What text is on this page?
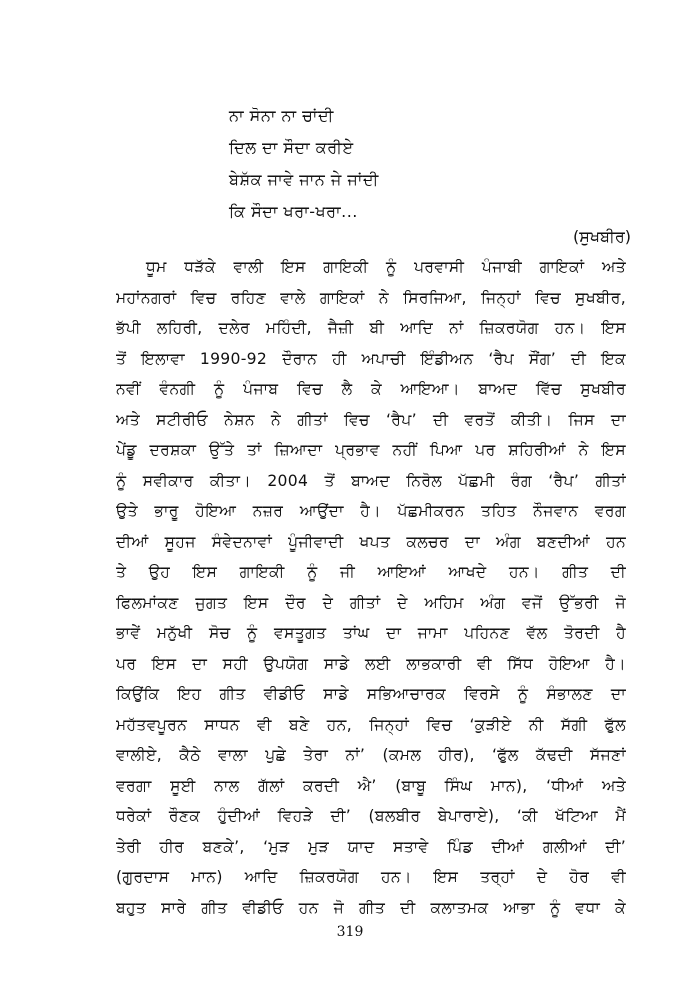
ਨਾ ਸੋਨਾ ਨਾ ਚਾਂਦੀ
ਦਿਲ ਦਾ ਸੌਦਾ ਕਰੀਏ
ਬੇਸ਼ੱਕ ਜਾਵੇ ਜਾਨ ਜੇ ਜਾਂਦੀ
ਕਿ ਸੌਦਾ ਖਰਾ-ਖਰਾ...
(ਸੁਖਬੀਰ)
ਧੂਮ ਧੜੱਕੇ ਵਾਲੀ ਇਸ ਗਾਇਕੀ ਨੂੰ ਪਰਵਾਸੀ ਪੰਜਾਬੀ ਗਾਇਕਾਂ ਅਤੇ
ਮਹਾਂਨਗਰਾਂ ਵਿਚ ਰਹਿਣ ਵਾਲੇ ਗਾਇਕਾਂ ਨੇ ਸਿਰਜਿਆ, ਜਿਨ੍ਹਾਂ ਵਿਚ ਸੁਖਬੀਰ,
ਭੱਪੀ ਲਹਿਰੀ, ਦਲੇਰ ਮਹਿੰਦੀ, ਜੈਜ਼ੀ ਬੀ ਆਦਿ ਨਾਂ ਜ਼ਿਕਰਯੋਗ ਹਨ। ਇਸ
ਤੋਂ ਇਲਾਵਾ 1990-92 ਦੌਰਾਨ ਹੀ ਅਪਾਚੀ ਇੰਡੀਅਨ ‘ਰੈਪ ਸੌਂਗ’ ਦੀ ਇਕ
ਨਵੀਂ ਵੰਨਗੀ ਨੂੰ ਪੰਜਾਬ ਵਿਚ ਲੈ ਕੇ ਆਇਆ। ਬਾਅਦ ਵਿੱਚ ਸੁਖਬੀਰ
ਅਤੇ ਸਟੀਰੀਓ ਨੇਸ਼ਨ ਨੇ ਗੀਤਾਂ ਵਿਚ ‘ਰੈਪ’ ਦੀ ਵਰਤੋਂ ਕੀਤੀ। ਜਿਸ ਦਾ
ਪੇਂਡੂ ਦਰਸ਼ਕਾ ਉੱਤੇ ਤਾਂ ਜ਼ਿਆਦਾ ਪ੍ਰਭਾਵ ਨਹੀਂ ਪਿਆ ਪਰ ਸ਼ਹਿਰੀਆਂ ਨੇ ਇਸ
ਨੂੰ ਸਵੀਕਾਰ ਕੀਤਾ। 2004 ਤੋਂ ਬਾਅਦ ਨਿਰੋਲ ਪੱਛਮੀ ਰੰਗ ‘ਰੈਪ’ ਗੀਤਾਂ
ਉਤੇ ਭਾਰੂ ਹੋਇਆ ਨਜ਼ਰ ਆਉਂਦਾ ਹੈ। ਪੱਛਮੀਕਰਨ ਤਹਿਤ ਨੌਜਵਾਨ ਵਰਗ
ਦੀਆਂ ਸੂਹਜ ਸੰਵੇਦਨਾਵਾਂ ਪੂੰਜੀਵਾਦੀ ਖਪਤ ਕਲਚਰ ਦਾ ਅੰਗ ਬਣਦੀਆਂ ਹਨ
ਤੇ ਉਹ ਇਸ ਗਾਇਕੀ ਨੂੰ ਜੀ ਆਇਆਂ ਆਖਦੇ ਹਨ। ਗੀਤ ਦੀ
ਫਿਲਮਾਂਕਣ ਜੁਗਤ ਇਸ ਦੌਰ ਦੇ ਗੀਤਾਂ ਦੇ ਅਹਿਮ ਅੰਗ ਵਜੋਂ ਉੱਭਰੀ ਜੋ
ਭਾਵੇਂ ਮਨੁੱਖੀ ਸੋਚ ਨੂੰ ਵਸਤੂਗਤ ਤਾਂਘ ਦਾ ਜਾਮਾ ਪਹਿਨਣ ਵੱਲ ਤੋਰਦੀ ਹੈ
ਪਰ ਇਸ ਦਾ ਸਹੀ ਉਪਯੋਗ ਸਾਡੇ ਲਈ ਲਾਭਕਾਰੀ ਵੀ ਸਿੱਧ ਹੋਇਆ ਹੈ।
ਕਿਉਂਕਿ ਇਹ ਗੀਤ ਵੀਡੀਓ ਸਾਡੇ ਸਭਿਆਚਾਰਕ ਵਿਰਸੇ ਨੂੰ ਸੰਭਾਲਣ ਦਾ
ਮਹੱਤਵਪੂਰਨ ਸਾਧਨ ਵੀ ਬਣੇ ਹਨ, ਜਿਨ੍ਹਾਂ ਵਿਚ ‘ਕੁੜੀਏ ਨੀ ਸੱਗੀ ਫੁੱਲ
ਵਾਲੀਏ, ਕੈਠੇ ਵਾਲਾ ਪੁਛੇ ਤੇਰਾ ਨਾਂ’ (ਕਮਲ ਹੀਰ), ‘ਫੁੱਲ ਕੱਢਦੀ ਸੱਜਣਾਂ
ਵਰਗਾ ਸੂਈ ਨਾਲ ਗੱਲਾਂ ਕਰਦੀ ਐ’ (ਬਾਬੂ ਸਿੰਘ ਮਾਨ), ‘ਧੀਆਂ ਅਤੇ
ਧਰੇਕਾਂ ਰੌਣਕ ਹੁੰਦੀਆਂ ਵਿਹੜੇ ਦੀ’ (ਬਲਬੀਰ ਬੇਪਾਰਾਏ), ‘ਕੀ ਖੱਟਿਆ ਮੈਂ
ਤੇਰੀ ਹੀਰ ਬਣਕੇ’, ‘ਮੁੜ ਮੁੜ ਯਾਦ ਸਤਾਵੇ ਪਿੰਡ ਦੀਆਂ ਗਲੀਆਂ ਦੀ’
(ਗੁਰਦਾਸ ਮਾਨ) ਆਦਿ ਜ਼ਿਕਰਯੋਗ ਹਨ। ਇਸ ਤਰ੍ਹਾਂ ਦੇ ਹੋਰ ਵੀ
ਬਹੁਤ ਸਾਰੇ ਗੀਤ ਵੀਡੀਓ ਹਨ ਜੋ ਗੀਤ ਦੀ ਕਲਾਤਮਕ ਆਭਾ ਨੂੰ ਵਧਾ ਕੇ
319
